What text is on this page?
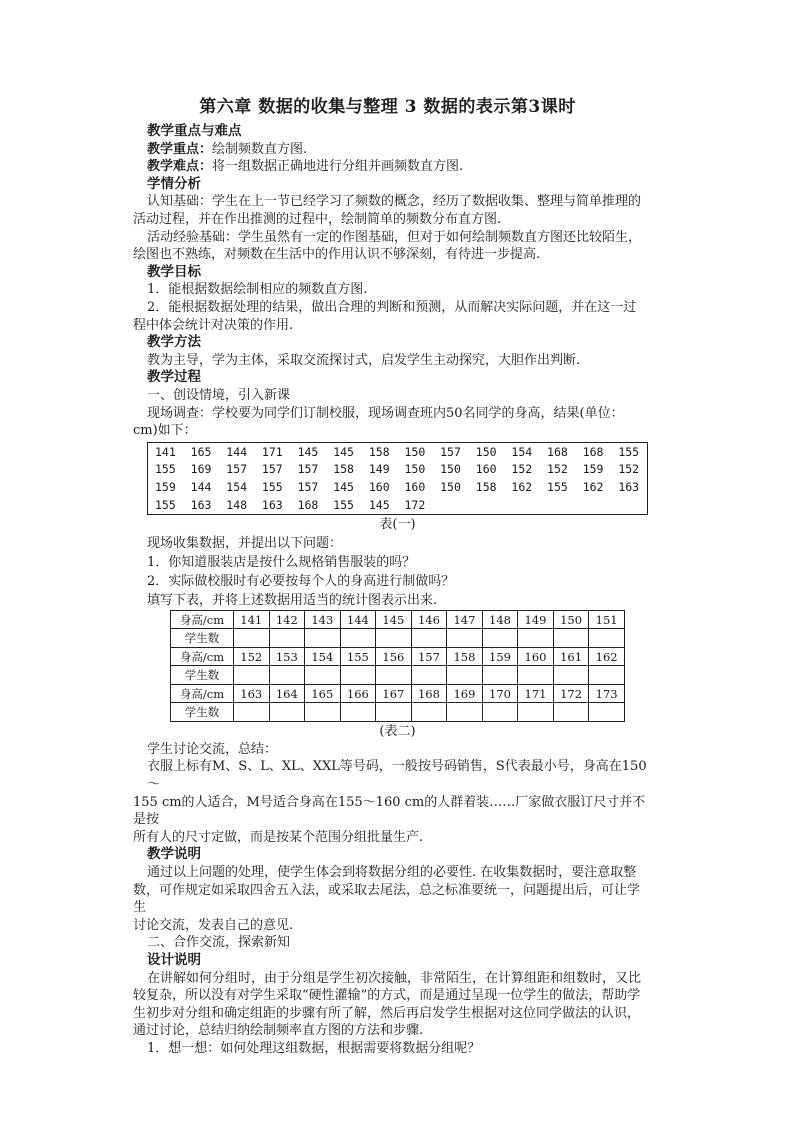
第六章 数据的收集与整理 3 数据的表示第3课时

教学重点与难点

教学重点：绘制频数直方图.

教学难点：将一组数据正确地进行分组并画频数直方图.

学情分析

认知基础：学生在上一节已经学习了频数的概念，经历了数据收集、整理与简单推理的

活动过程，并在作出推测的过程中，绘制简单的频数分布直方图.

活动经验基础：学生虽然有一定的作图基础，但对于如何绘制频数直方图还比较陌生，

绘图也不熟练，对频数在生活中的作用认识不够深刻，有待进一步提高.

教学目标

1．能根据数据绘制相应的频数直方图.

2．能根据数据处理的结果，做出合理的判断和预测，从而解决实际问题，并在这一过

程中体会统计对决策的作用.

教学方法

教为主导，学为主体，采取交流探讨式，启发学生主动探究，大胆作出判断.

教学过程

一、创设情境，引入新课

现场调查：学校要为同学们订制校服，现场调查班内50名同学的身高，结果(单位：

cm)如下：

141	165	144	171	145	145	158	150	157	150	154	168	168	155
155	169	157	157	157	158	149	150	150	160	152	152	159	152
159	144	154	155	157	145	160	160	150	158	162	155	162	163
155	163	148	163	168	155	145	172						

表(一)

现场收集数据，并提出以下问题：

1．你知道服装店是按什么规格销售服装的吗？

2．实际做校服时有必要按每个人的身高进行制做吗？

填写下表，并将上述数据用适当的统计图表示出来.

身高/cm	141	142	143	144	145	146	147	148	149	150	151
学生数											
身高/cm	152	153	154	155	156	157	158	159	160	161	162
学生数											
身高/cm	163	164	165	166	167	168	169	170	171	172	173
学生数											

(表二)

学生讨论交流，总结：

衣服上标有M、S、L、XL、XXL等号码，一般按号码销售，S代表最小号，身高在150～

155 cm的人适合，M号适合身高在155～160 cm的人群着装……厂家做衣服订尺寸并不是按

所有人的尺寸定做，而是按某个范围分组批量生产.

教学说明

通过以上问题的处理，使学生体会到将数据分组的必要性. 在收集数据时，要注意取整

数，可作规定如采取四舍五入法，或采取去尾法，总之标准要统一，问题提出后，可让学生

讨论交流，发表自己的意见.

二、合作交流，探索新知

设计说明

在讲解如何分组时，由于分组是学生初次接触，非常陌生，在计算组距和组数时，又比

较复杂，所以没有对学生采取“硬性灌输”的方式，而是通过呈现一位学生的做法，帮助学

生初步对分组和确定组距的步骤有所了解，然后再启发学生根据对这位同学做法的认识，

通过讨论，总结归纳绘制频率直方图的方法和步骤.

1．想一想：如何处理这组数据，根据需要将数据分组呢？
